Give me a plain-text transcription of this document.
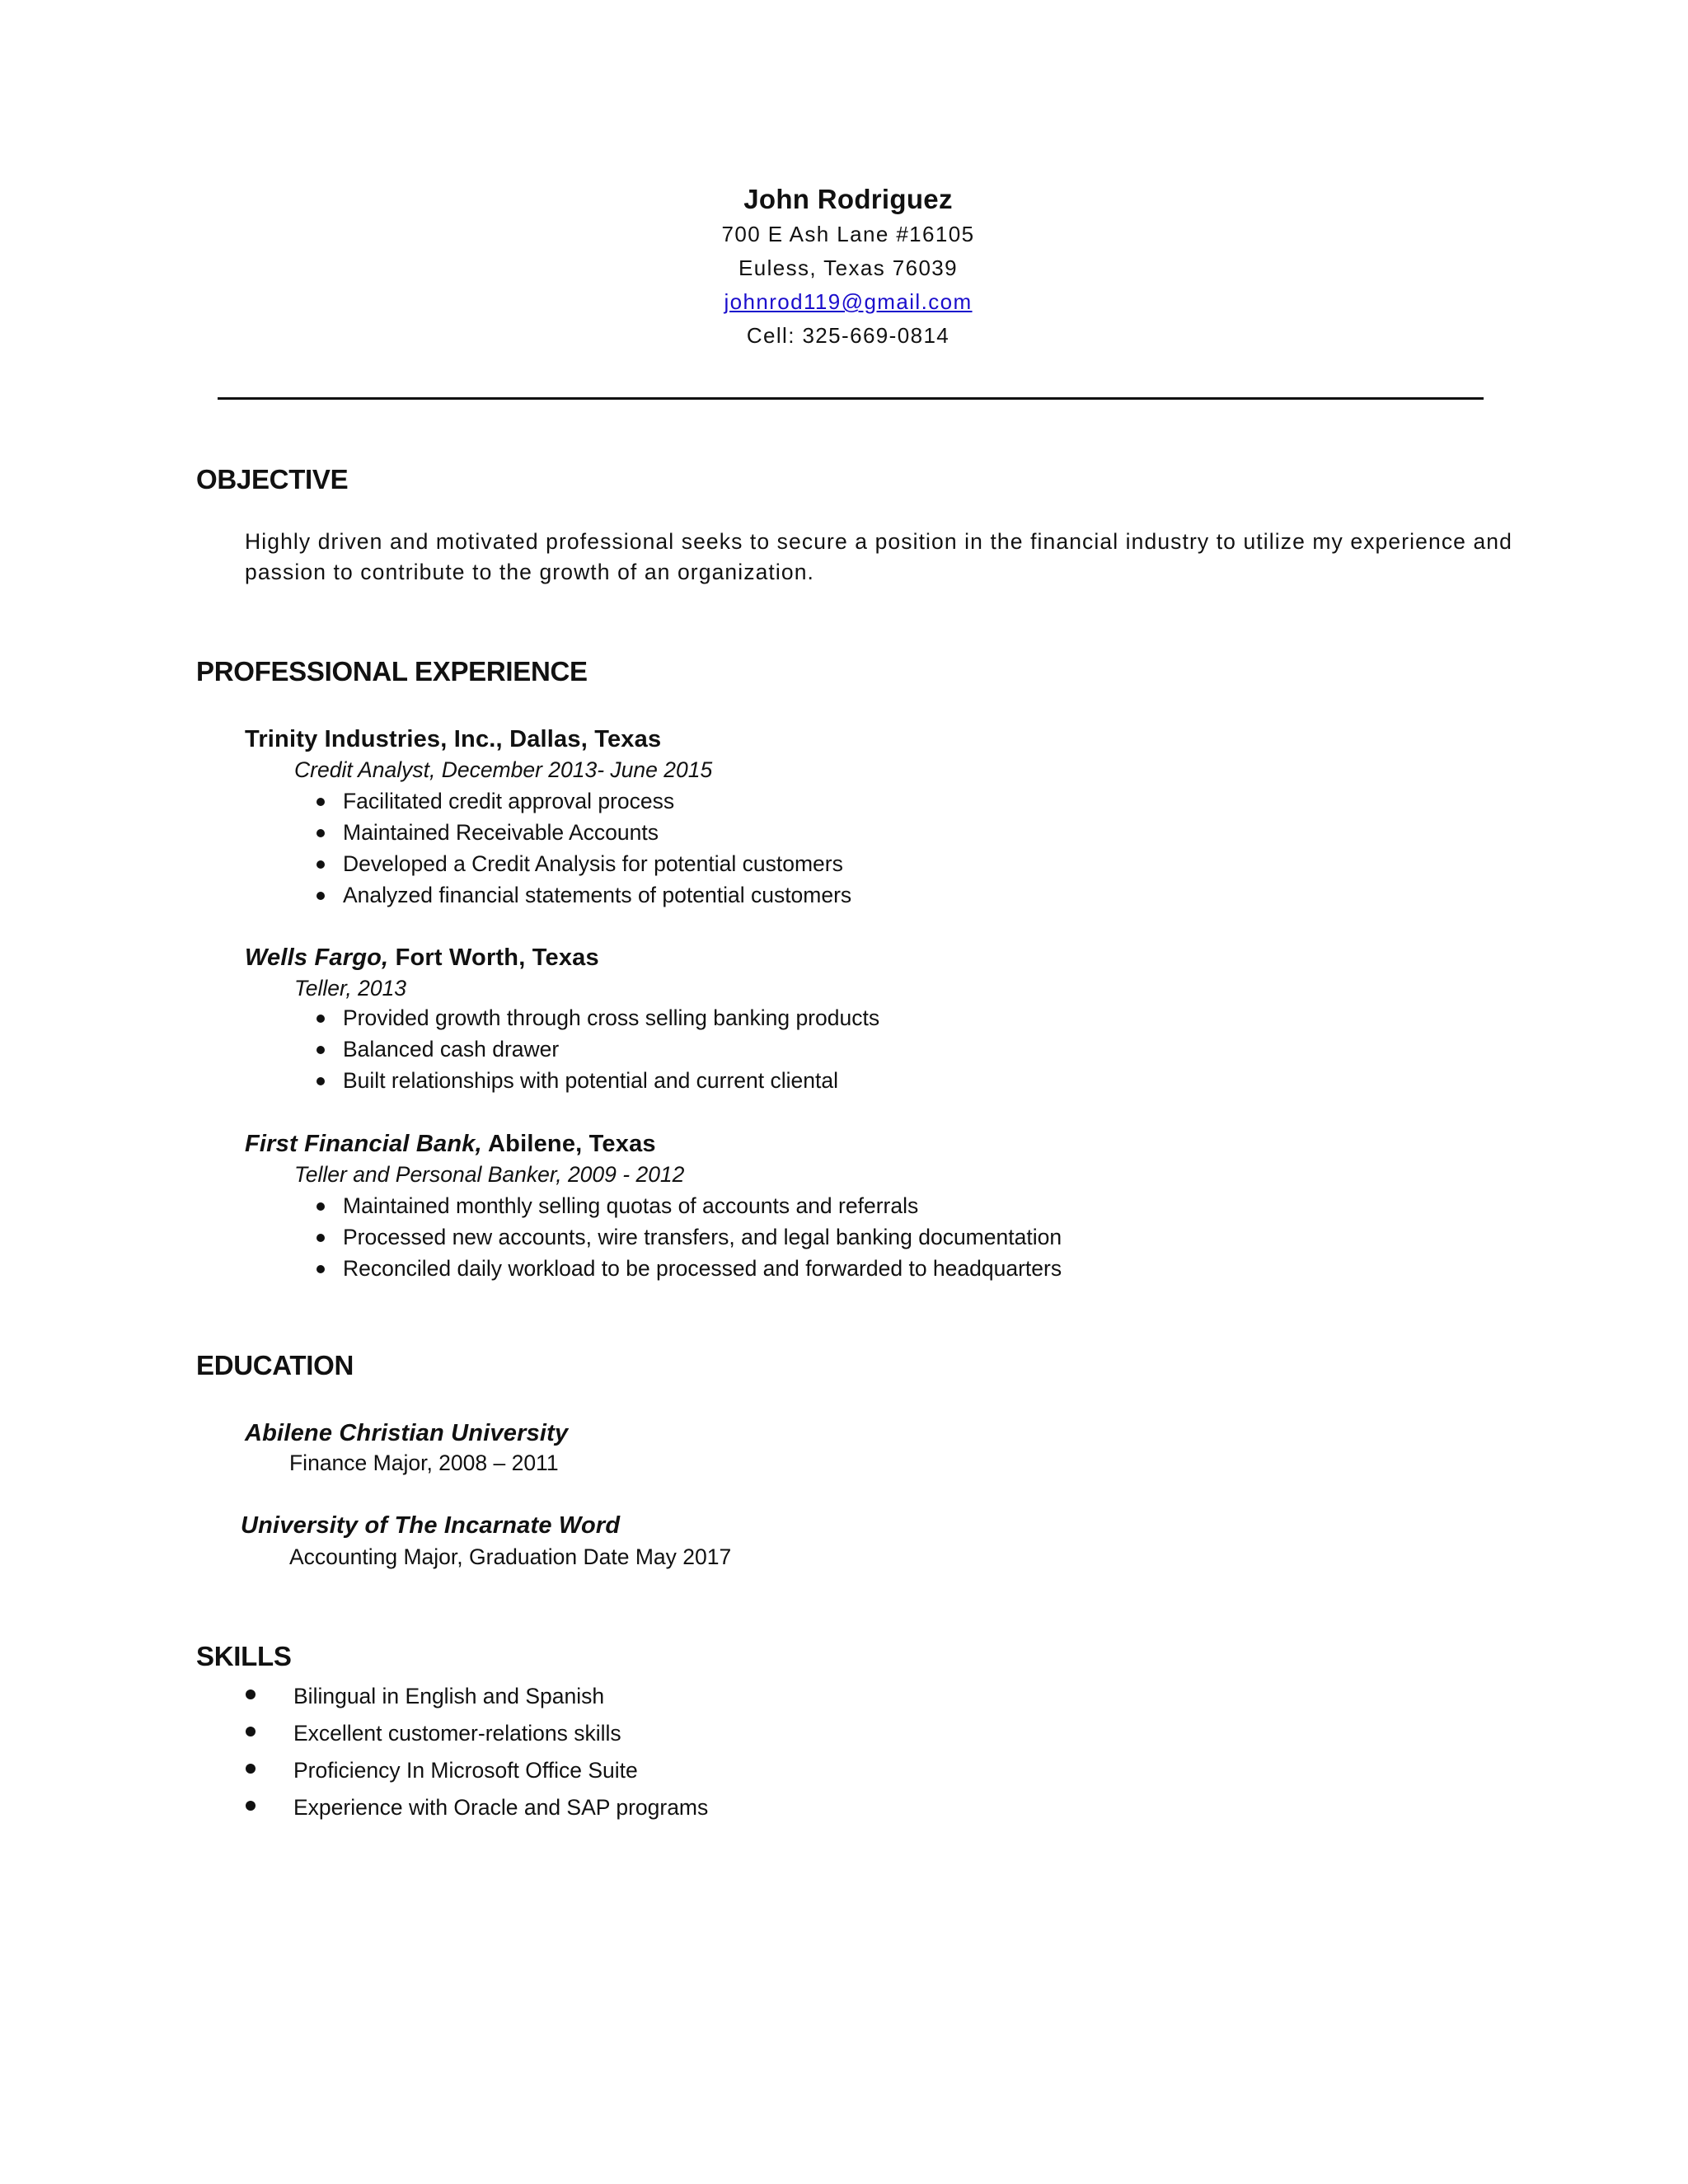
John Rodriguez
700 E Ash Lane #16105
Euless, Texas 76039
johnrod119@gmail.com
Cell: 325-669-0814
OBJECTIVE

Highly driven and motivated professional seeks to secure a position in the financial industry to utilize my experience and passion to contribute to the growth of an organization.

PROFESSIONAL EXPERIENCE
Trinity Industries, Inc., Dallas, Texas
Credit Analyst, December 2013- June 2015
Facilitated credit approval process
Maintained Receivable Accounts
Developed a Credit Analysis for potential customers
Analyzed financial statements of potential customers
Wells Fargo, Fort Worth, Texas
Teller, 2013
Provided growth through cross selling banking products
Balanced cash drawer
Built relationships with potential and current cliental
First Financial Bank, Abilene, Texas
Teller and Personal Banker, 2009 - 2012
Maintained monthly selling quotas of accounts and referrals
Processed new accounts, wire transfers, and legal banking documentation
Reconciled daily workload to be processed and forwarded to headquarters
EDUCATION
Abilene Christian University
Finance Major, 2008 – 2011
University of The Incarnate Word
Accounting Major, Graduation Date May 2017
SKILLS
Bilingual in English and Spanish
Excellent customer-relations skills
Proficiency In Microsoft Office Suite
Experience with Oracle and SAP programs
